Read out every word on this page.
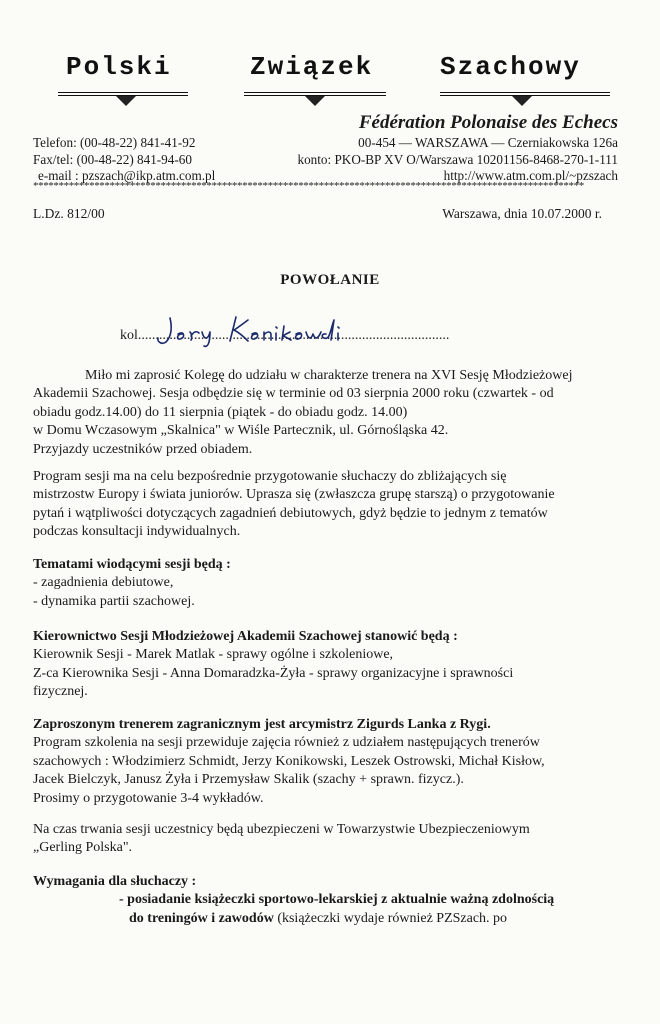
Polski	Związek	Szachowy
Fédération Polonaise des Echecs
Telefon: (00-48-22) 841-41-92	00-454 — WARSZAWA — Czerniakowska 126a
Fax/tel: (00-48-22) 841-94-60	konto: PKO-BP XV O/Warszawa 10201156-8468-270-1-111
e-mail : pzszach@ikp.atm.com.pl	http://www.atm.com.pl/~pzszach
************************************************************************************************************
L.Dz. 812/00	Warszawa, dnia 10.07.2000 r.
POWOŁANIE
kol.........................................................................................

Miło mi zaprosić Kolegę do udziału w charakterze trenera na XVI Sesję Młodzieżowej

Akademii Szachowej. Sesja odbędzie się w terminie od 03 sierpnia 2000 roku (czwartek - od

obiadu godz.14.00) do 11 sierpnia (piątek - do obiadu godz. 14.00)

w Domu Wczasowym „Skalnica" w Wiśle Partecznik, ul. Górnośląska 42.

Przyjazdy uczestników przed obiadem.

Program sesji ma na celu bezpośrednie przygotowanie słuchaczy do zbliżających się

mistrzostw Europy i świata juniorów. Uprasza się (zwłaszcza grupę starszą) o przygotowanie

pytań i wątpliwości dotyczących zagadnień debiutowych, gdyż będzie to jednym z tematów

podczas konsultacji indywidualnych.

Tematami wiodącymi sesji będą :

- zagadnienia debiutowe,

- dynamika partii szachowej.

Kierownictwo Sesji Młodzieżowej Akademii Szachowej stanowić będą :

Kierownik Sesji - Marek Matlak - sprawy ogólne i szkoleniowe,

Z-ca Kierownika Sesji - Anna Domaradzka-Żyła - sprawy organizacyjne i sprawności

fizycznej.

Zaproszonym trenerem zagranicznym jest arcymistrz Zigurds Lanka z Rygi.

Program szkolenia na sesji przewiduje zajęcia również z udziałem następujących trenerów

szachowych : Włodzimierz Schmidt, Jerzy Konikowski, Leszek Ostrowski, Michał Kisłow,

Jacek Bielczyk, Janusz Żyła i Przemysław Skalik (szachy + sprawn. fizycz.).

Prosimy o przygotowanie 3-4 wykładów.

Na czas trwania sesji uczestnicy będą ubezpieczeni w Towarzystwie Ubezpieczeniowym

„Gerling Polska".

Wymagania dla słuchaczy :

- posiadanie książeczki sportowo-lekarskiej z aktualnie ważną zdolnością

do treningów i zawodów (książeczki wydaje również PZSzach. po
